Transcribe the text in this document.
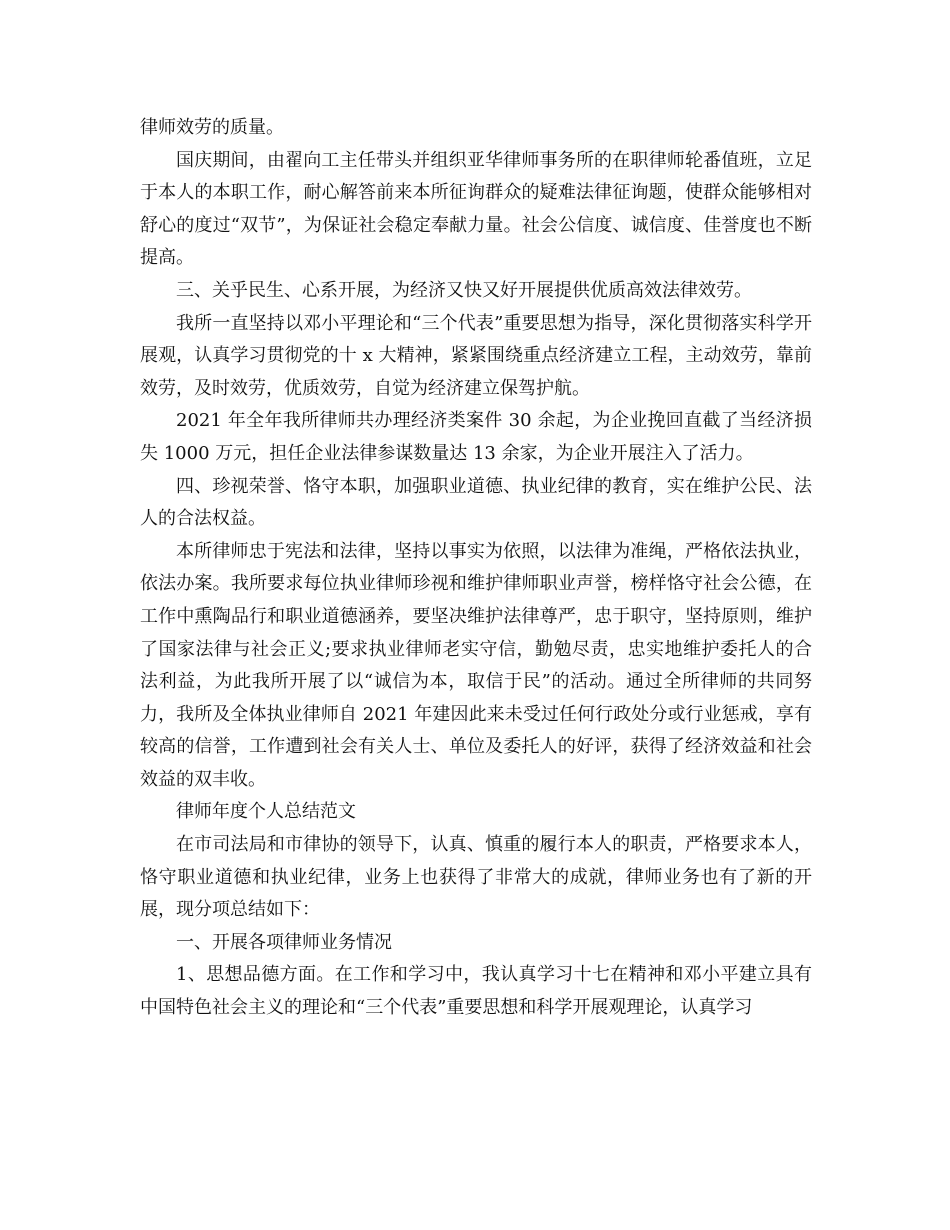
律师效劳的质量。

国庆期间，由翟向工主任带头并组织亚华律师事务所的在职律师轮番值班，立足于本人的本职工作，耐心解答前来本所征询群众的疑难法律征询题，使群众能够相对舒心的度过“双节”，为保证社会稳定奉献力量。社会公信度、诚信度、佳誉度也不断提高。

三、关乎民生、心系开展，为经济又快又好开展提供优质高效法律效劳。

我所一直坚持以邓小平理论和“三个代表”重要思想为指导，深化贯彻落实科学开展观，认真学习贯彻党的十 x 大精神，紧紧围绕重点经济建立工程，主动效劳，靠前效劳，及时效劳，优质效劳，自觉为经济建立保驾护航。

2021 年全年我所律师共办理经济类案件 30 余起，为企业挽回直截了当经济损失 1000 万元，担任企业法律参谋数量达 13 余家，为企业开展注入了活力。

四、珍视荣誉、恪守本职，加强职业道德、执业纪律的教育，实在维护公民、法人的合法权益。

本所律师忠于宪法和法律，坚持以事实为依照，以法律为准绳，严格依法执业，依法办案。我所要求每位执业律师珍视和维护律师职业声誉，榜样恪守社会公德，在工作中熏陶品行和职业道德涵养，要坚决维护法律尊严，忠于职守，坚持原则，维护了国家法律与社会正义;要求执业律师老实守信，勤勉尽责，忠实地维护委托人的合法利益，为此我所开展了以“诚信为本，取信于民”的活动。通过全所律师的共同努力，我所及全体执业律师自 2021 年建因此来未受过任何行政处分或行业惩戒，享有较高的信誉，工作遭到社会有关人士、单位及委托人的好评，获得了经济效益和社会效益的双丰收。

律师年度个人总结范文

在市司法局和市律协的领导下，认真、慎重的履行本人的职责，严格要求本人，恪守职业道德和执业纪律，业务上也获得了非常大的成就，律师业务也有了新的开展，现分项总结如下：

一、开展各项律师业务情况

1、思想品德方面。在工作和学习中，我认真学习十七在精神和邓小平建立具有中国特色社会主义的理论和“三个代表”重要思想和科学开展观理论，认真学习
